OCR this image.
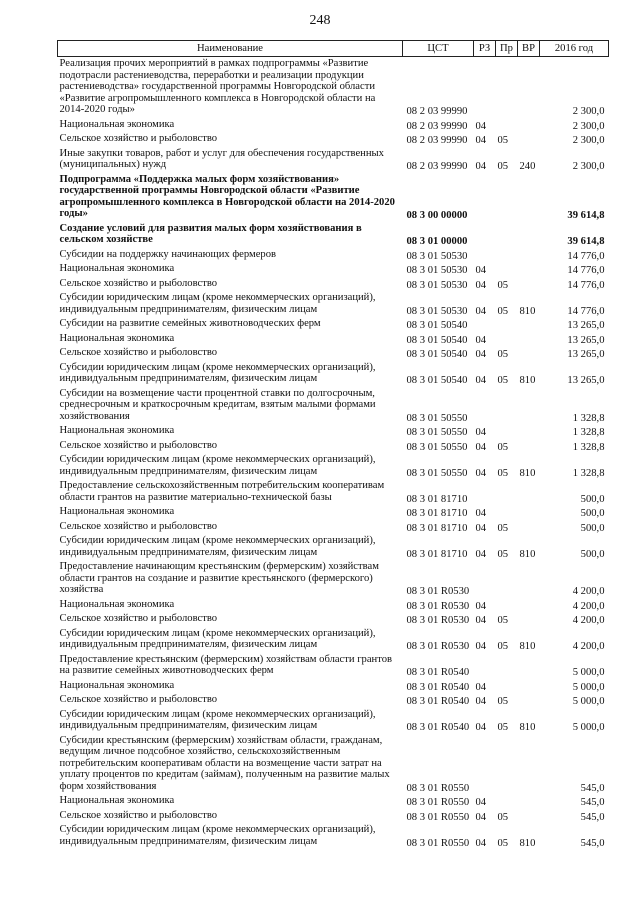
248
Наименование	ЦСТ	РЗ	Пр	ВР	2016 год
Реализация прочих мероприятий в рамках подпрограммы «Развитие подотрасли растениеводства, переработки и реализации продукции растениеводства» государственной программы Новгородской области «Развитие агропромышленного комплекса в Новгородской области на 2014-2020 годы»	08 2 03 99990				2 300,0
Национальная экономика	08 2 03 99990	04			2 300,0
Сельское хозяйство и рыболовство	08 2 03 99990	04	05		2 300,0
Иные закупки товаров, работ и услуг для обеспечения государственных (муниципальных) нужд	08 2 03 99990	04	05	240	2 300,0
Подпрограмма «Поддержка малых форм хозяйствования» государственной программы Новгородской области «Развитие агропромышленного комплекса в Новгородской области на 2014-2020 годы»	08 3 00 00000				39 614,8
Создание условий для развития малых форм хозяйствования в сельском хозяйстве	08 3 01 00000				39 614,8
Субсидии на поддержку начинающих фермеров	08 3 01 50530				14 776,0
Национальная экономика	08 3 01 50530	04			14 776,0
Сельское хозяйство и рыболовство	08 3 01 50530	04	05		14 776,0
Субсидии юридическим лицам (кроме некоммерческих организаций), индивидуальным предпринимателям, физическим лицам	08 3 01 50530	04	05	810	14 776,0
Субсидии на развитие семейных животноводческих ферм	08 3 01 50540				13 265,0
Национальная экономика	08 3 01 50540	04			13 265,0
Сельское хозяйство и рыболовство	08 3 01 50540	04	05		13 265,0
Субсидии юридическим лицам (кроме некоммерческих организаций), индивидуальным предпринимателям, физическим лицам	08 3 01 50540	04	05	810	13 265,0
Субсидии на возмещение части процентной ставки по долгосрочным, среднесрочным и краткосрочным кредитам, взятым малыми формами хозяйствования	08 3 01 50550				1 328,8
Национальная экономика	08 3 01 50550	04			1 328,8
Сельское хозяйство и рыболовство	08 3 01 50550	04	05		1 328,8
Субсидии юридическим лицам (кроме некоммерческих организаций), индивидуальным предпринимателям, физическим лицам	08 3 01 50550	04	05	810	1 328,8
Предоставление сельскохозяйственным потребительским кооперативам области грантов на развитие материально-технической базы	08 3 01 81710				500,0
Национальная экономика	08 3 01 81710	04			500,0
Сельское хозяйство и рыболовство	08 3 01 81710	04	05		500,0
Субсидии юридическим лицам (кроме некоммерческих организаций), индивидуальным предпринимателям, физическим лицам	08 3 01 81710	04	05	810	500,0
Предоставление начинающим крестьянским (фермерским) хозяйствам области грантов на создание и развитие крестьянского (фермерского) хозяйства	08 3 01 R0530				4 200,0
Национальная экономика	08 3 01 R0530	04			4 200,0
Сельское хозяйство и рыболовство	08 3 01 R0530	04	05		4 200,0
Субсидии юридическим лицам (кроме некоммерческих организаций), индивидуальным предпринимателям, физическим лицам	08 3 01 R0530	04	05	810	4 200,0
Предоставление крестьянским (фермерским) хозяйствам области грантов на развитие семейных животноводческих ферм	08 3 01 R0540				5 000,0
Национальная экономика	08 3 01 R0540	04			5 000,0
Сельское хозяйство и рыболовство	08 3 01 R0540	04	05		5 000,0
Субсидии юридическим лицам (кроме некоммерческих организаций), индивидуальным предпринимателям, физическим лицам	08 3 01 R0540	04	05	810	5 000,0
Субсидии крестьянским (фермерским) хозяйствам области, гражданам, ведущим личное подсобное хозяйство, сельскохозяйственным потребительским кооперативам области на возмещение части затрат на уплату процентов по кредитам (займам), полученным на развитие малых форм хозяйствования	08 3 01 R0550				545,0
Национальная экономика	08 3 01 R0550	04			545,0
Сельское хозяйство и рыболовство	08 3 01 R0550	04	05		545,0
Субсидии юридическим лицам (кроме некоммерческих организаций), индивидуальным предпринимателям, физическим лицам	08 3 01 R0550	04	05	810	545,0
